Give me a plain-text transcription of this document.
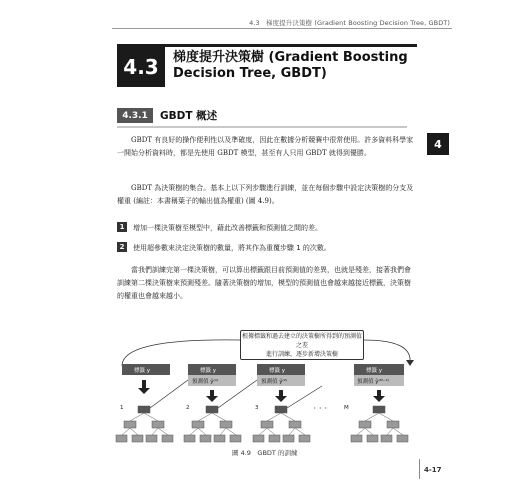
4.3 梯度提升決策樹 (Gradient Boosting Decision Tree, GBDT)
4.3	梯度提升決策樹 (Gradient Boosting Decision Tree, GBDT)
4.3.1	GBDT 概述

GBDT 有良好的操作便利性以及準確度，因此在數據分析競賽中很常使用。許多資料科學家一開始分析資料時，都是先使用 GBDT 模型，甚至有人只用 GBDT 就得到優勝。

GBDT 為決策樹的集合。基本上以下列步驟進行訓練，並在每個步驟中設定決策樹的分支及權重 (編註：本書稱葉子的輸出值為權重) (圖 4.9)。

1	增加一棵決策樹至模型中，藉此改善標籤和預測值之間的差。
2	使用超參數來決定決策樹的數量，將其作為重覆步驟 1 的次數。

當我們訓練完第一棵決策樹，可以算出標籤跟目前預測值的差異，也就是殘差，接著我們會訓練第二棵決策樹來預測殘差。隨著決策樹的增加，模型的預測值也會越來越接近標籤，決策樹的權重也會越來越小。

4
標籤 y	標籤 y
預測值 ŷ⁽¹⁾
標籤 y
預測值 ŷ⁽²⁾
標籤 y
預測值 ŷ⁽ᴹ⁻¹⁾
1	2	3	M
・・・
根據標籤和過去建立的決策樹所得到的預測值之差
進行訓練，逐步新增決策樹
圖 4.9　GBDT 的訓練
4-17
